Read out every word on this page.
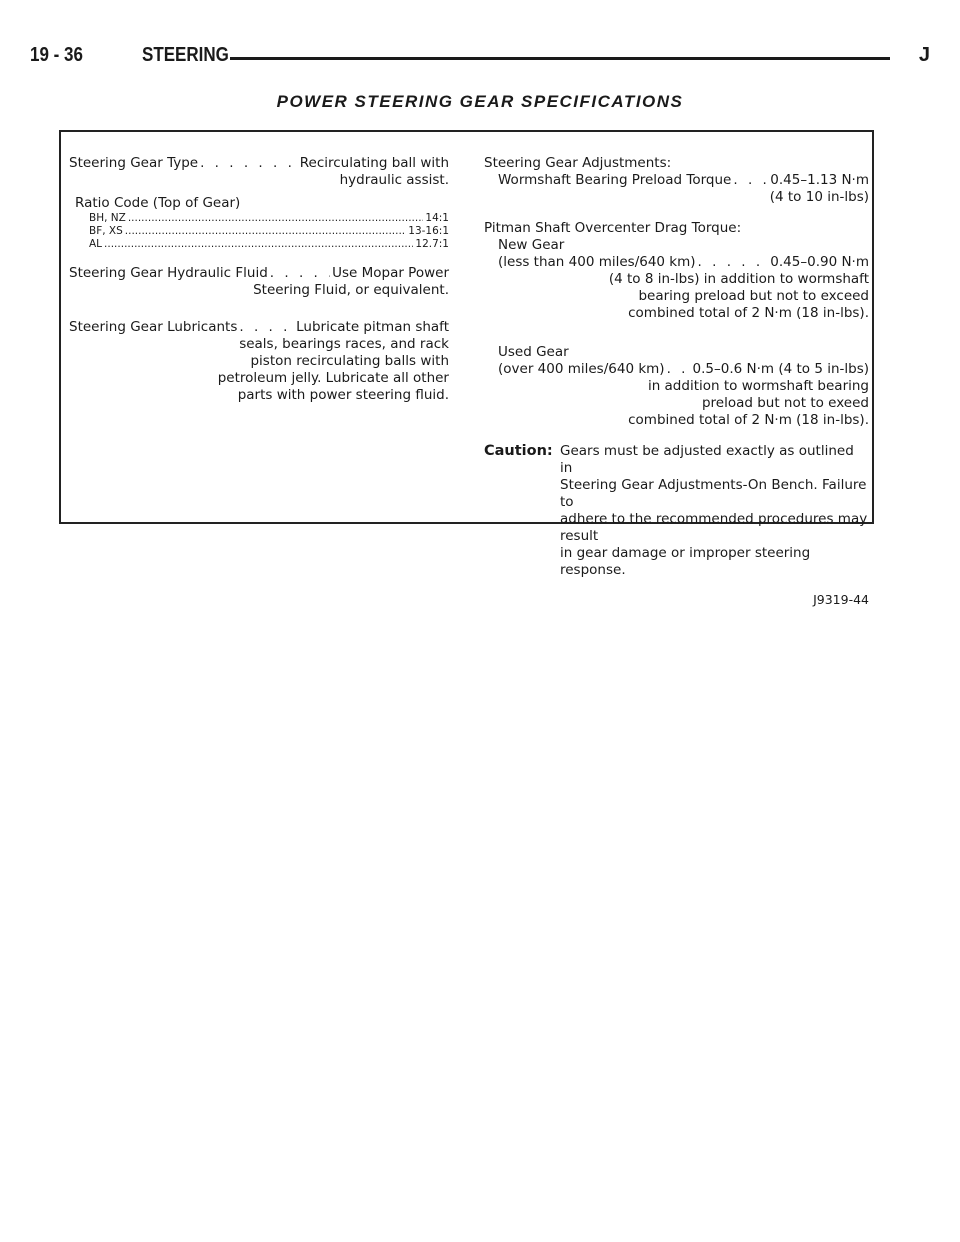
19 - 36	STEERING	J
POWER STEERING GEAR SPECIFICATIONS
Steering Gear Type . . .	Recirculating ball with
hydraulic assist.
Ratio Code (Top of Gear)
BH, NZ .....	14:1
BF, XS .....	13-16:1
AL .....	12.7:1
Steering Gear Hydraulic Fluid . . .	Use Mopar Power
Steering Fluid, or equivalent.
Steering Gear Lubricants . . .	Lubricate pitman shaft
seals, bearings races, and rack
piston recirculating balls with
petroleum jelly. Lubricate all other
parts with power steering fluid.
Steering Gear Adjustments:
Wormshaft Bearing Preload Torque . . .	0.45–1.13 N·m
(4 to 10 in-lbs)
Pitman Shaft Overcenter Drag Torque:
New Gear
(less than 400 miles/640 km) . . .	0.45–0.90 N·m
(4 to 8 in-lbs) in addition to wormshaft
bearing preload but not to exceed
combined total of 2 N·m (18 in-lbs).
Used Gear
(over 400 miles/640 km) . . . 0.5–0.6 N·m (4 to 5 in-lbs)
in addition to wormshaft bearing
preload but not to exeed
combined total of 2 N·m (18 in-lbs).
Caution: Gears must be adjusted exactly as outlined in
Steering Gear Adjustments-On Bench. Failure to
adhere to the recommended procedures may result
in gear damage or improper steering response.
J9319-44
